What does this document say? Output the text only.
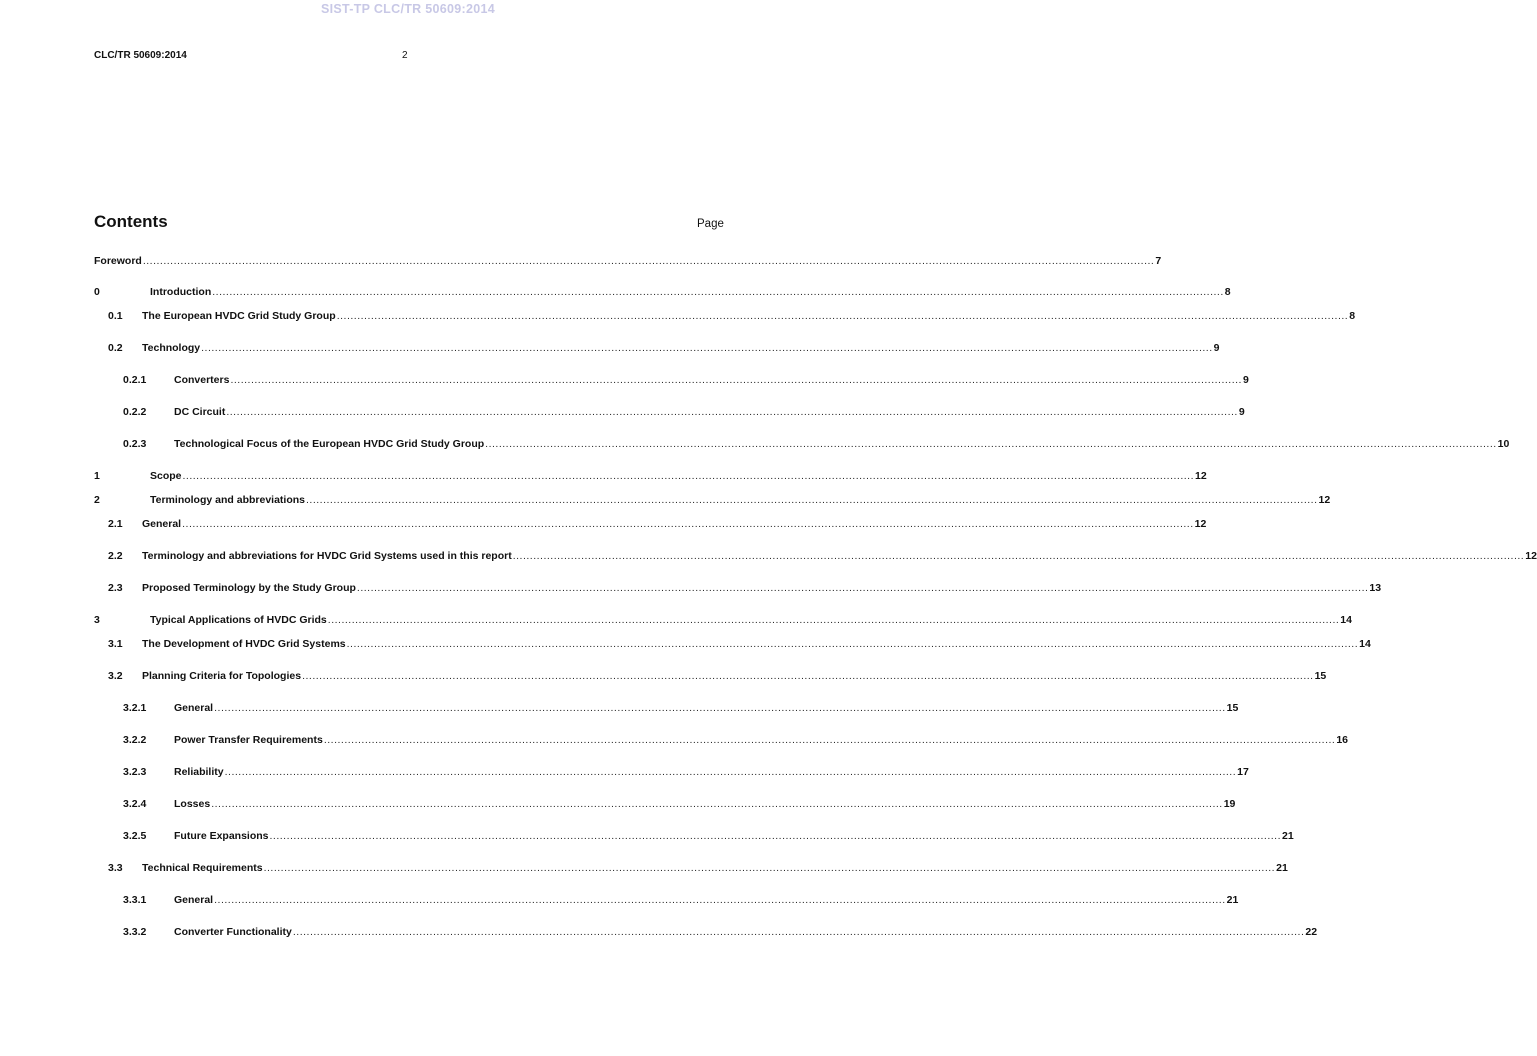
SIST-TP CLC/TR 50609:2014
CLC/TR 50609:2014	2
Contents	Page
Foreword .....	7
0	Introduction .....	8
0.1	The European HVDC Grid Study Group .....	8
0.2	Technology .....	9
0.2.1	Converters .....	9
0.2.2	DC Circuit .....	9
0.2.3	Technological Focus of the European HVDC Grid Study Group .....	10
1	Scope .....	12
2	Terminology and abbreviations .....	12
2.1	General .....	12
2.2	Terminology and abbreviations for HVDC Grid Systems used in this report .....	12
2.3	Proposed Terminology by the Study Group .....	13
3	Typical Applications of HVDC Grids .....	14
3.1	The Development of HVDC Grid Systems .....	14
3.2	Planning Criteria for Topologies .....	15
3.2.1	General .....	15
3.2.2	Power Transfer Requirements .....	16
3.2.3	Reliability .....	17
3.2.4	Losses .....	19
3.2.5	Future Expansions .....	21
3.3	Technical Requirements .....	21
3.3.1	General .....	21
3.3.2	Converter Functionality .....	22
